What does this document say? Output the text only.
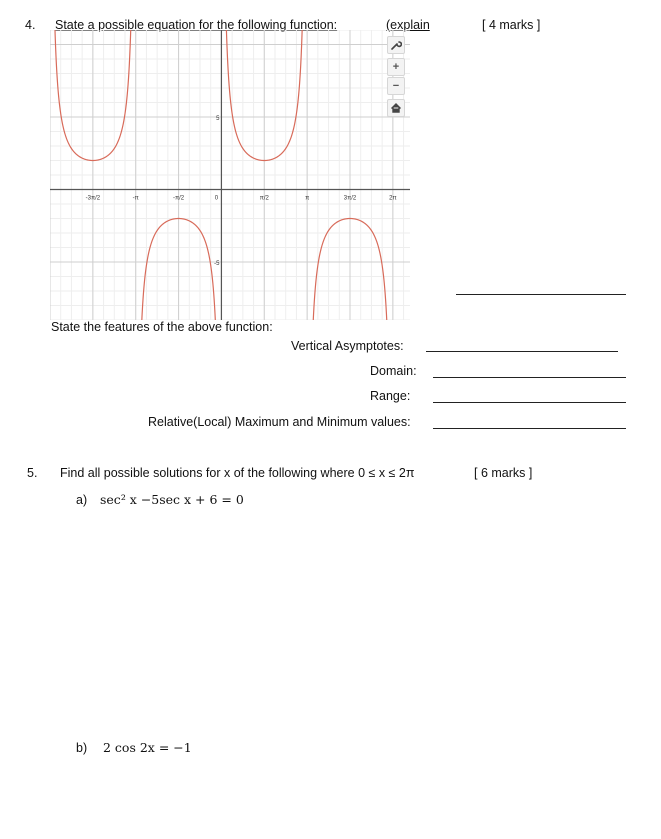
4. State a possible equation for the following function:	(explain	[ 4 marks ]
-3π/2	-π	-π/2	0	π/2	π	3π/2	2π
5
-5
+
−
State the features of the above function:
Vertical Asymptotes:
Domain:
Range:
Relative(Local) Maximum and Minimum values:
5. Find all possible solutions for x of the following where 0 ≤ x ≤ 2π	[ 6 marks ]
a) sec² x −5sec x + 6 = 0
b) 2 cos 2x = −1
